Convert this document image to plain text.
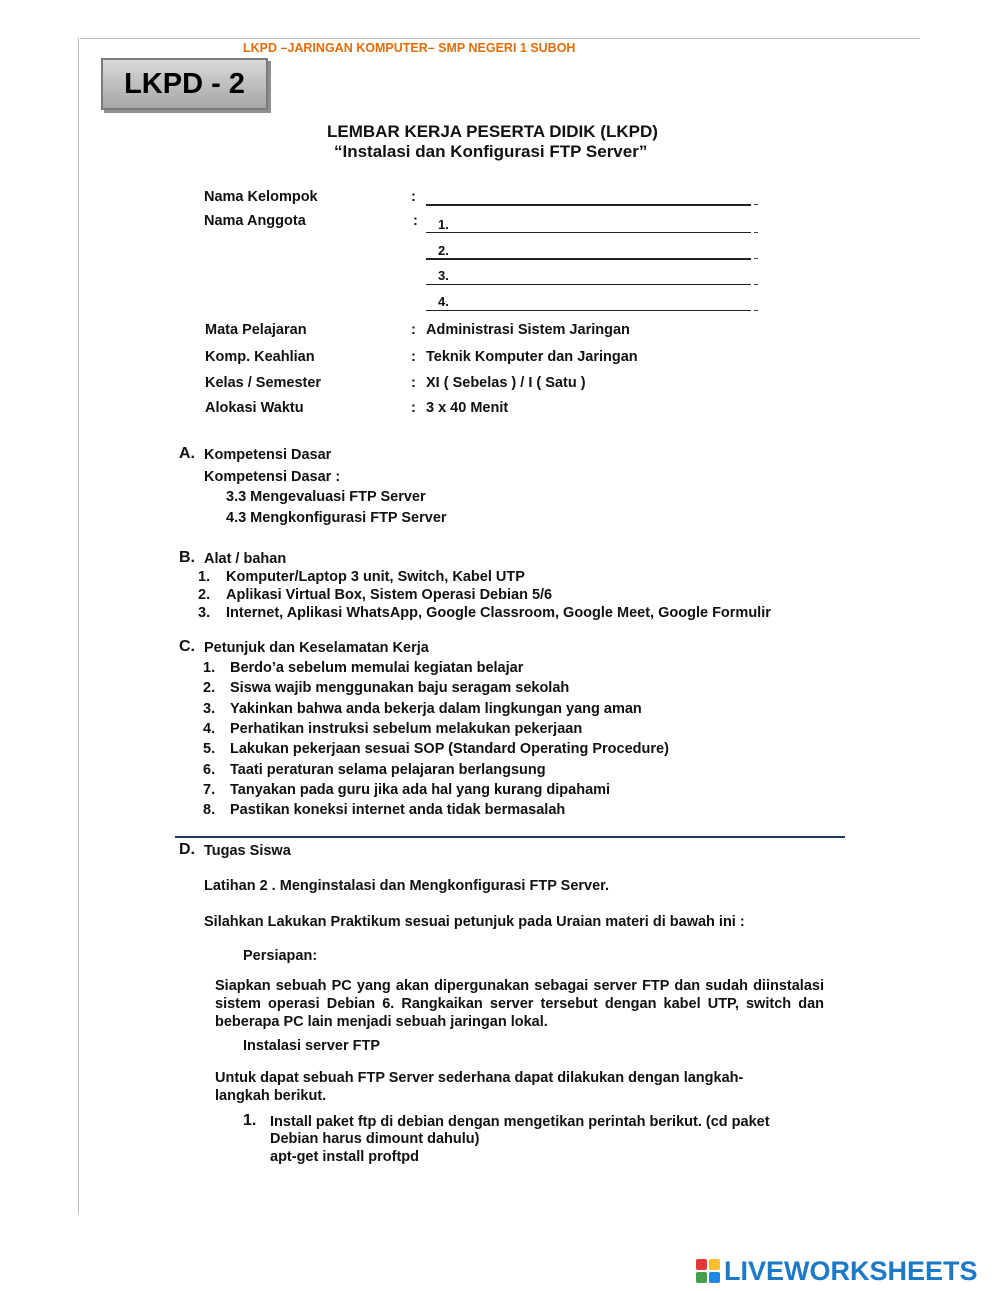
LKPD –JARINGAN KOMPUTER– SMP NEGERI 1 SUBOH
LKPD - 2
LEMBAR KERJA PESERTA DIDIK (LKPD)
“Instalasi dan Konfigurasi FTP Server”
Nama Kelompok	:
Nama Anggota	: 1.
2.
3.
4.
Mata Pelajaran	: Administrasi Sistem Jaringan
Komp. Keahlian	: Teknik Komputer dan Jaringan
Kelas / Semester	: XI ( Sebelas ) / I ( Satu )
Alokasi Waktu	: 3 x 40 Menit
A. Kompetensi Dasar
Kompetensi Dasar :
3.3 Mengevaluasi FTP Server
4.3 Mengkonfigurasi FTP Server
B. Alat / bahan
1. Komputer/Laptop 3 unit, Switch, Kabel UTP
2. Aplikasi Virtual Box, Sistem Operasi Debian 5/6
3. Internet, Aplikasi WhatsApp, Google Classroom, Google Meet, Google Formulir
C. Petunjuk dan Keselamatan Kerja
1. Berdo’a sebelum memulai kegiatan belajar
2. Siswa wajib menggunakan baju seragam sekolah
3. Yakinkan bahwa anda bekerja dalam lingkungan yang aman
4. Perhatikan instruksi sebelum melakukan pekerjaan
5. Lakukan pekerjaan sesuai SOP (Standard Operating Procedure)
6. Taati peraturan selama pelajaran berlangsung
7. Tanyakan pada guru jika ada hal yang kurang dipahami
8. Pastikan koneksi internet anda tidak bermasalah
D. Tugas Siswa
Latihan 2 . Menginstalasi dan Mengkonfigurasi FTP Server.
Silahkan Lakukan Praktikum sesuai petunjuk pada Uraian materi di bawah ini :
Persiapan:
Siapkan sebuah PC yang akan dipergunakan sebagai server FTP dan sudah diinstalasi sistem operasi Debian 6. Rangkaikan server tersebut dengan kabel UTP, switch dan beberapa PC lain menjadi sebuah jaringan lokal.
Instalasi server FTP
Untuk dapat sebuah FTP Server sederhana dapat dilakukan dengan langkah-langkah berikut.
1. Install paket ftp di debian dengan mengetikan perintah berikut. (cd paket
Debian harus dimount dahulu)
apt-get install proftpd
LIVEWORKSHEETS
